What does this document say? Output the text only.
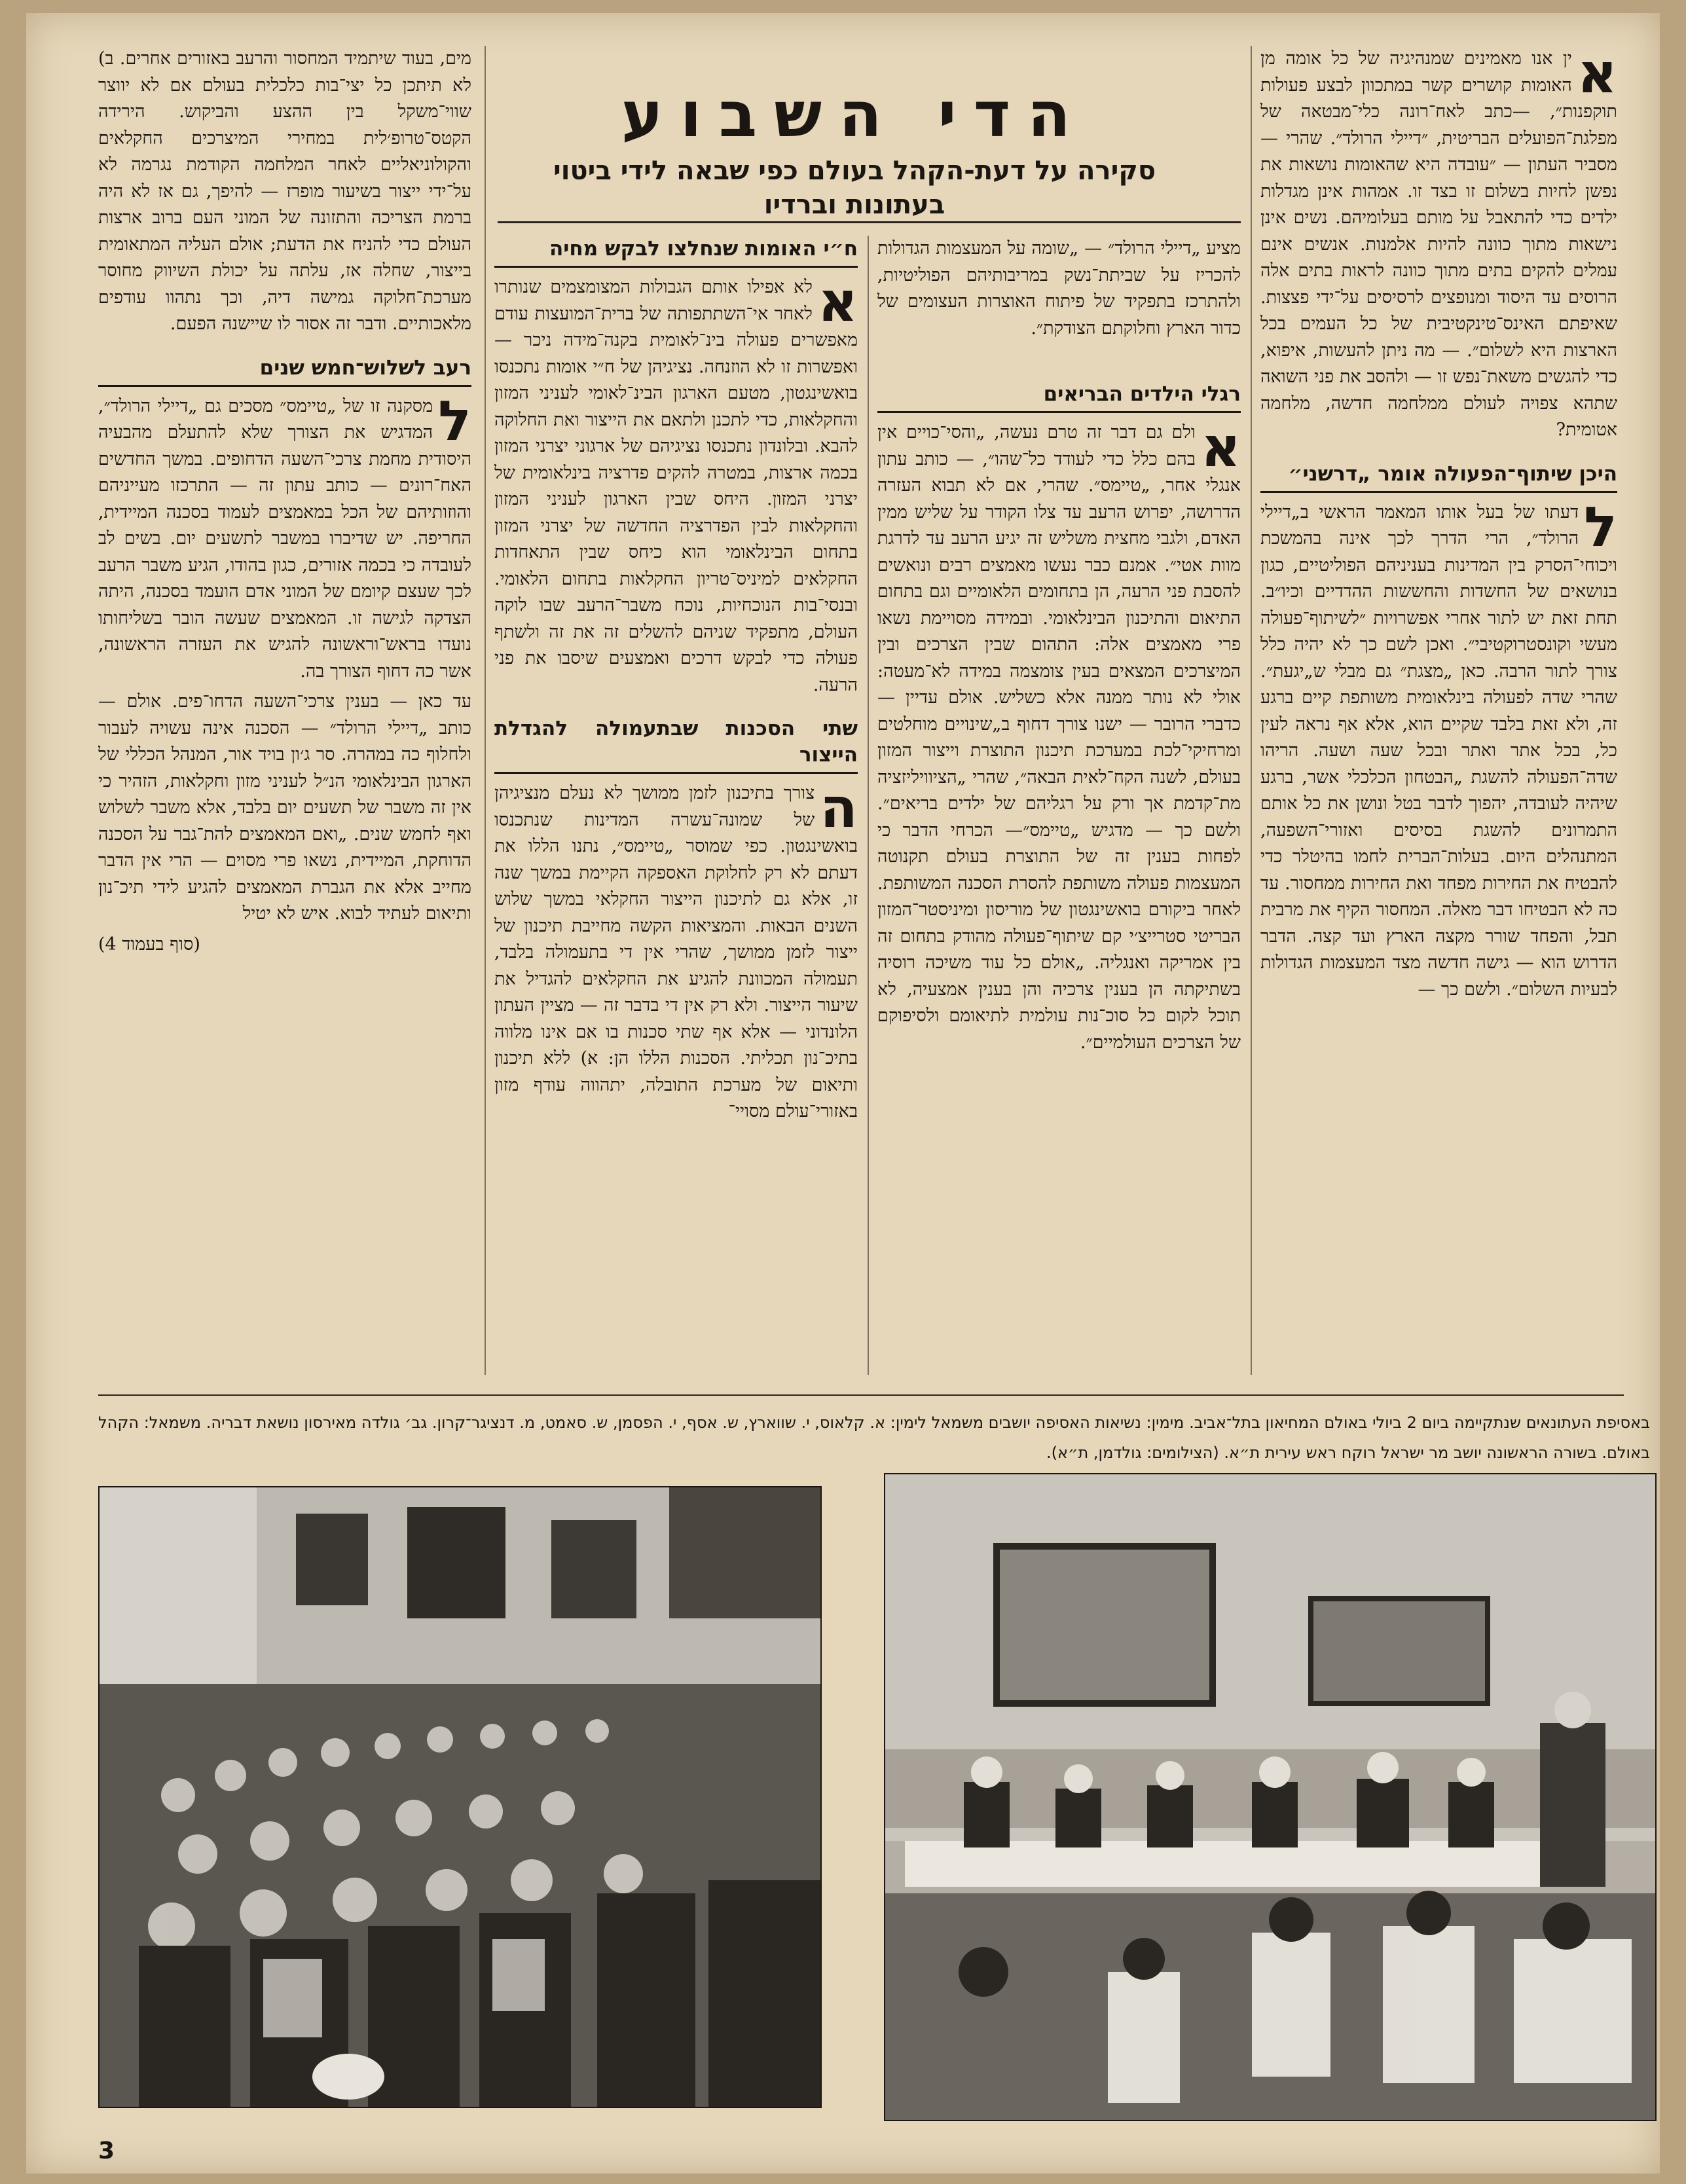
א
ין אנו מאמינים שמנהיגיה של כל אומה מן האומות קושרים קשר במתכוון לבצע פעולות תוקפנות״, —כתב לאח־רונה כלי־מבטאה של מפלגת־הפועלים הבריטית, ״דיילי הרולד״. שהרי —מסביר העתון — ״עובדה היא שהאומות נושאות את נפשן לחיות בשלום זו בצד זו. אמהות אינן מגדלות ילדים כדי להתאבל על מותם בעלומיהם. נשים אינן נישאות מתוך כוונה להיות אלמנות. אנשים אינם עמלים להקים בתים מתוך כוונה לראות בתים אלה הרוסים עד היסוד ומנופצים לרסיסים על־ידי פצצות. שאיפתם האינס־טינקטיבית של כל העמים בכל הארצות היא לשלום״. — מה ניתן להעשות, איפוא, כדי להגשים משאת־נפש זו — ולהסב את פני השואה שתהא צפויה לעולם ממלחמה חדשה, מלחמה אטומית?

היכן שיתוף־הפעולה אומר „דרשני״

ל
דעתו של בעל אותו המאמר הראשי ב„דיילי הרולד״, הרי הדרך לכך אינה בהמשכת ויכוחי־הסרק בין המדינות בעניניהם הפוליטיים, כגון בנושאים של החשדות והחששות ההדדיים וכיו״ב. תחת זאת יש לתור אחרי אפשרויות ״לשיתוף־פעולה מעשי וקונסטרוקטיבי״. ואכן לשם כך לא יהיה כלל צורך לתור הרבה. כאן „מצגת״ גם מבלי ש„יגעת״. שהרי שדה לפעולה בינלאומית משותפת קיים ברגע זה, ולא זאת בלבד שקיים הוא, אלא אף נראה לעין כל, בכל אתר ואתר ובכל שעה ושעה. הריהו שדה־הפעולה להשגת „הבטחון הכלכלי אשר, ברגע שיהיה לעובדה, יהפוך לדבר בטל ונושן את כל אותם התמרונים להשגת בסיסים ואזורי־השפעה, המתנהלים היום. בעלות־הברית לחמו בהיטלר כדי להבטיח את החירות מפחד ואת החירות ממחסור. עד כה לא הבטיחו דבר מאלה. המחסור הקיף את מרבית תבל, והפחד שורר מקצה הארץ ועד קצה. הדבר הדרוש הוא — גישה חדשה מצד המעצמות הגדולות לבעיות השלום״. ולשם כך —

הדי השבוע
סקירה על דעת-הקהל בעולם כפי שבאה לידי ביטוי
בעתונות וברדיו

מציע „דיילי הרולד״ — „שומה על המעצמות הגדולות להכריז על שביתת־נשק במריבותיהם הפוליטיות, ולהתרכז בתפקיד של פיתוח האוצרות העצומים של כדור הארץ וחלוקתם הצודקת״.

רגלי הילדים הבריאים

א
ולם גם דבר זה טרם נעשה, „והסי־כויים אין בהם כלל כדי לעודד כל־שהו״, — כותב עתון אנגלי אחר, „טיימס״. שהרי, אם לא תבוא העזרה הדרושה, יפרוש הרעב עד צלו הקודר על שליש ממין האדם, ולגבי מחצית משליש זה יגיע הרעב עד לדרגת מוות אטי״. אמנם כבר נעשו מאמצים רבים ונואשים להסבת פני הרעה, הן בתחומים הלאומיים וגם בתחום התיאום והתיכנון הבינלאומי. ובמידה מסויימת נשאו פרי מאמצים אלה: התהום שבין הצרכים ובין המיצרכים המצאים בעין צומצמה במידה לא־מעטה: אולי לא נותר ממנה אלא כשליש. אולם עדיין — כדברי הרובר — ישנו צורך דחוף ב„שינויים מוחלטים ומרחיקי־לכת במערכת תיכנון התוצרת וייצור המזון בעולם, לשנה הקח־לאית הבאה״, שהרי „הציוויליזציה מת־קדמת אך ורק על רגליהם של ילדים בריאים״. ולשם כך — מדגיש „טיימס״— הכרחי הדבר כי לפחות בענין זה של התוצרת בעולם תקנוטה המעצמות פעולה משותפת להסרת הסכנה המשותפת. לאחר ביקורם בואשינגטון של מוריסון ומיניסטר־המזון הבריטי סטרייצ׳י קם שיתוף־פעולה מהודק בתחום זה בין אמריקה ואנגליה. „אולם כל עוד משיכה רוסיה בשתיקתה הן בענין צרכיה והן בענין אמצעיה, לא תוכל לקום כל סוכ־נות עולמית לתיאומם ולסיפוקם של הצרכים העולמיים״.

ח״י האומות שנחלצו לבקש מחיה

א
לא אפילו אותם הגבולות המצומצמים שנותרו לאחר אי־השתתפותה של ברית־המועצות עודם מאפשרים פעולה בינ־לאומית בקנה־מידה ניכר — ואפשרות זו לא הוזנחה. נציגיהן של ח״י אומות נתכנסו בואשינגטון, מטעם הארגון הבינ־לאומי לעניני המזון והחקלאות, כדי לתכנן ולתאם את הייצור ואת החלוקה להבא. ובלונדון נתכנסו נציגיהם של ארגוני יצרני המזון בכמה ארצות, במטרה להקים פדרציה בינלאומית של יצרני המזון. היחס שבין הארגון לעניני המזון והחקלאות לבין הפדרציה החדשה של יצרני המזון בתחום הבינלאומי הוא כיחס שבין התאחדות החקלאים למיניס־טריון החקלאות בתחום הלאומי. ובנסי־בות הנוכחיות, נוכח משבר־הרעב שבו לוקה העולם, מתפקיד שניהם להשלים זה את זה ולשתף פעולה כדי לבקש דרכים ואמצעים שיסבו את פני הרעה.

שתי הסכנות שבתעמולה להגדלת הייצור

ה
צורך בתיכנון לזמן ממושך לא נעלם מנציגיהן של שמונה־עשרה המדינות שנתכנסו בואשינגטון. כפי שמוסר „טיימס״, נתנו הללו את דעתם לא רק לחלוקת האספקה הקיימת במשך שנה זו, אלא גם לתיכנון הייצור החקלאי במשך שלוש השנים הבאות. והמציאות הקשה מחייבת תיכנון של ייצור לזמן ממושך, שהרי אין די בתעמולה בלבד, תעמולה המכוונת להגיע את החקלאים להגדיל את שיעור הייצור. ולא רק אין די בדבר זה — מציין העתון הלונדוני — אלא אף שתי סכנות בו אם אינו מלווה בתיכ־נון תכליתי. הסכנות הללו הן: א) ללא תיכנון ותיאום של מערכת התובלה, יתהווה עודף מזון באזורי־עולם מסויי־

מים, בעוד שיתמיד המחסור והרעב באזורים אחרים. ב) לא תיתכן כל יצי־בות כלכלית בעולם אם לא יווצר שווי־משקל בין ההצע והביקוש. הירידה הקטס־טרופ׳לית במחירי המיצרכים החקלאים והקולוניאליים לאחר המלחמה הקודמת נגרמה לא על־ידי ייצור בשיעור מופרז — להיפך, גם אז לא היה ברמת הצריכה והתזונה של המוני העם ברוב ארצות העולם כדי להניח את הדעת; אולם העליה המתאומית בייצור, שחלה אז, עלתה על יכולת השיווק מחוסר מערכת־חלוקה גמישה דיה, וכך נתהוו עודפים מלאכותיים. ודבר זה אסור לו שיישנה הפעם.

רעב לשלוש־חמש שנים

ל
מסקנה זו של „טיימס״ מסכים גם „דיילי הרולד״, המדגיש את הצורך שלא להתעלם מהבעיה היסודית מחמת צרכי־השעה הדחופים. במשך החדשים האח־רונים — כותב עתון זה — התרכזו מעייניהם והוזותיהם של הכל במאמצים לעמוד בסכנה המיידית, החריפה. יש שדיברו במשבר לתשעים יום. בשים לב לעובדה כי בכמה אזורים, כגון בהודו, הגיע משבר הרעב לכך שעצם קיומם של המוני אדם הועמד בסכנה, היתה הצדקה לגישה זו. המאמצים שעשה הובר בשליחותו נועדו בראש־וראשונה להגיש את העזרה הראשונה, אשר כה דחוף הצורך בה.

עד כאן — בענין צרכי־השעה הדחו־פים. אולם — כותב „דיילי הרולד״ — הסכנה אינה עשויה לעבור ולחלוף כה במהרה. סר ג׳ון בויד אור, המנהל הכללי של הארגון הבינלאומי הנ״ל לעניני מזון וחקלאות, הזהיר כי אין זה משבר של תשעים יום בלבד, אלא משבר לשלוש ואף לחמש שנים. „ואם המאמצים להת־גבר על הסכנה הדוחקת, המיידית, נשאו פרי מסוים — הרי אין הדבר מחייב אלא את הגברת המאמצים להגיע לידי תיכ־נון ותיאום לעתיד לבוא. איש לא יטיל

(סוף בעמוד 4)

באסיפת העתונאים שנתקיימה ביום 2 ביולי באולם המחיאון בתל־אביב. מימין: נשיאות האסיפה יושבים משמאל לימין: א. קלאוס, י. שווארץ, ש. אסף, י. הפסמן, ש. סאמט, מ. דנציגר־קרון. גב׳ גולדה מאירסון נושאת דבריה. משמאל: הקהל באולם. בשורה הראשונה יושב מר ישראל רוקח ראש עירית ת״א. (הצילומים: גולדמן, ת״א).
3
